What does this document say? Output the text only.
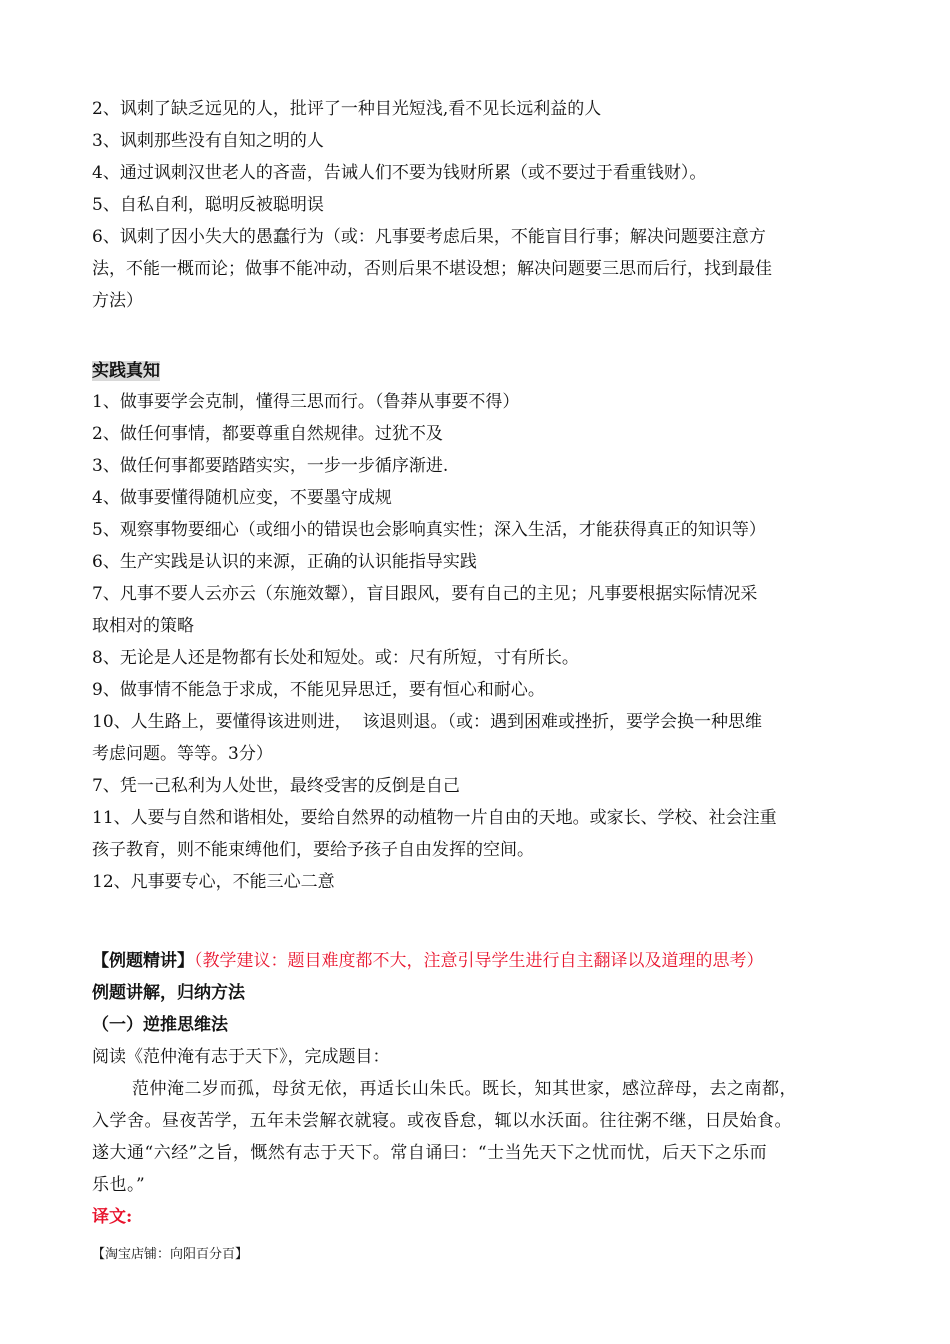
2、讽刺了缺乏远见的人，批评了一种目光短浅,看不见长远利益的人
3、讽刺那些没有自知之明的人
4、通过讽刺汉世老人的吝啬，告诫人们不要为钱财所累（或不要过于看重钱财）。
5、自私自利，聪明反被聪明误
6、讽刺了因小失大的愚蠢行为（或：凡事要考虑后果，不能盲目行事；解决问题要注意方
法，不能一概而论；做事不能冲动，否则后果不堪设想；解决问题要三思而后行，找到最佳
方法）
实践真知
1、做事要学会克制，懂得三思而行。（鲁莽从事要不得）
2、做任何事情，都要尊重自然规律。过犹不及
3、做任何事都要踏踏实实，一步一步循序渐进.
4、做事要懂得随机应变，不要墨守成规
5、观察事物要细心（或细小的错误也会影响真实性；深入生活，才能获得真正的知识等）
6、生产实践是认识的来源，正确的认识能指导实践
7、凡事不要人云亦云（东施效颦），盲目跟风，要有自己的主见；凡事要根据实际情况采
取相对的策略
8、无论是人还是物都有长处和短处。或：尺有所短，寸有所长。
9、做事情不能急于求成，不能见异思迁，要有恒心和耐心。
10、人生路上，要懂得该进则进，  该退则退。（或：遇到困难或挫折，要学会换一种思维
考虑问题。等等。3分）
7、凭一己私利为人处世，最终受害的反倒是自己
11、人要与自然和谐相处，要给自然界的动植物一片自由的天地。或家长、学校、社会注重
孩子教育，则不能束缚他们，要给予孩子自由发挥的空间。
12、凡事要专心，不能三心二意
【例题精讲】（教学建议：题目难度都不大，注意引导学生进行自主翻译以及道理的思考）
例题讲解，归纳方法
（一）逆推思维法
阅读《范仲淹有志于天下》，完成题目：
范仲淹二岁而孤，母贫无依，再适长山朱氏。既长，知其世家，感泣辞母，去之南都，
入学舍。昼夜苦学，五年未尝解衣就寝。或夜昏怠，辄以水沃面。往往粥不继，日昃始食。
遂大通“六经”之旨，慨然有志于天下。常自诵曰：“士当先天下之忧而忧，后天下之乐而
乐也。”
译文:
【淘宝店铺：向阳百分百】
